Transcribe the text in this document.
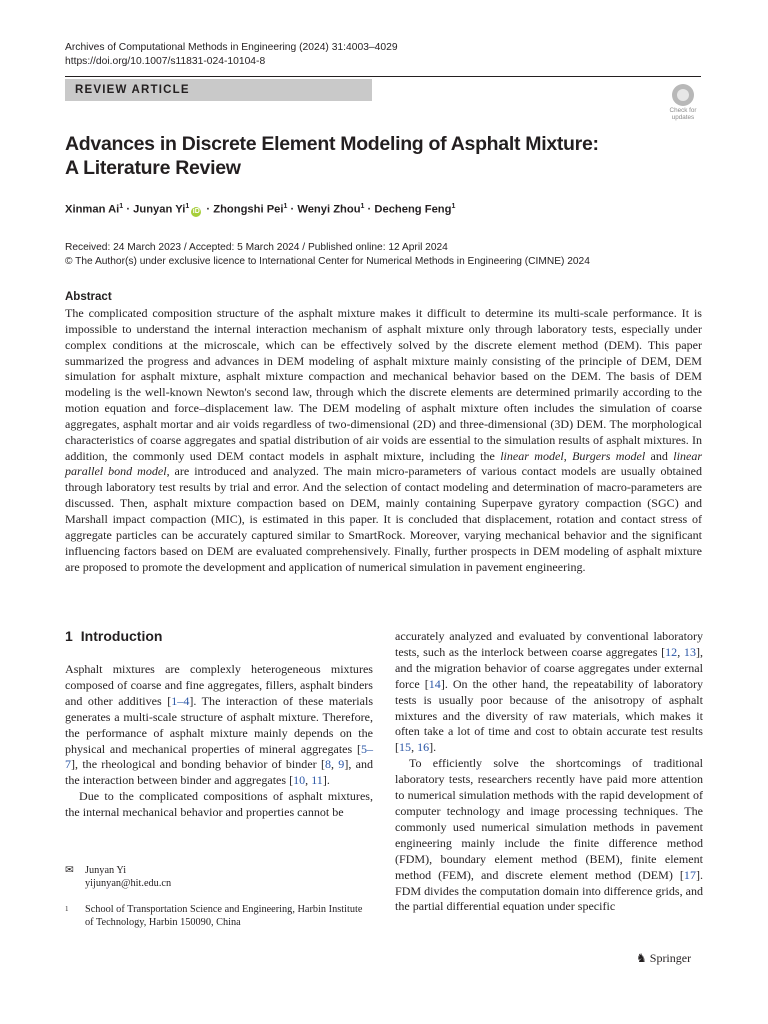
Archives of Computational Methods in Engineering (2024) 31:4003–4029
https://doi.org/10.1007/s11831-024-10104-8
REVIEW ARTICLE
Check for
updates
Advances in Discrete Element Modeling of Asphalt Mixture:
A Literature Review
Xinman $Ai^1$ · Junyan $Yi^1iD$ · Zhongshi Pei$^1$ · Wenyi Zhou$^1$ · Decheng Feng$^1$
Received: 24 March 2023 / Accepted: 5 March 2024 / Published online: 12 April 2024
© The Author(s) under exclusive licence to International Center for Numerical Methods in Engineering (CIMNE) 2024
Abstract
The complicated composition structure of the asphalt mixture makes it difficult to determine its multi-scale performance. It is impossible to understand the internal interaction mechanism of asphalt mixture only through laboratory tests, especially under complex conditions at the microscale, which can be effectively solved by the discrete element method (DEM). This paper summarized the progress and advances in DEM modeling of asphalt mixture mainly consisting of the principle of DEM, DEM simulation for asphalt mixture, asphalt mixture compaction and mechanical behavior based on the DEM. The basis of DEM modeling is the well-known Newton's second law, through which the discrete elements are determined primarily according to the motion equation and force–displacement law. The DEM modeling of asphalt mixture often includes the simulation of coarse aggregates, asphalt mortar and air voids regardless of two-dimensional (2D) and three-dimensional (3D) DEM. The morphological characteristics of coarse aggregates and spatial distribution of air voids are essential to the simulation results of asphalt mixtures. In addition, the commonly used DEM contact models in asphalt mixture, including the linear model, Burgers model and linear parallel bond model, are introduced and analyzed. The main micro-parameters of various contact models are usually obtained through laboratory test results by trial and error. And the selection of contact modeling and determination of macro-parameters are discussed. Then, asphalt mixture compaction based on DEM, mainly containing Superpave gyratory compaction (SGC) and Marshall impact compaction (MIC), is estimated in this paper. It is concluded that displacement, rotation and contact stress of aggregate particles can be accurately captured similar to SmartRock. Moreover, varying mechanical behavior and the significant influencing factors based on DEM are evaluated comprehensively. Finally, further prospects in DEM modeling of asphalt mixture are proposed to promote the development and application of numerical simulation in pavement engineering.
1 Introduction

Asphalt mixtures are complexly heterogeneous mixtures composed of coarse and fine aggregates, fillers, asphalt binders and other additives [1–4]. The interaction of these materials generates a multi-scale structure of asphalt mixture. Therefore, the performance of asphalt mixture mainly depends on the physical and mechanical properties of mineral aggregates [5–7], the rheological and bonding behavior of binder [8, 9], and the interaction between binder and aggregates [10, 11].

Due to the complicated compositions of asphalt mixtures, the internal mechanical behavior and properties cannot be

accurately analyzed and evaluated by conventional laboratory tests, such as the interlock between coarse aggregates [12, 13], and the migration behavior of coarse aggregates under external force [14]. On the other hand, the repeatability of laboratory tests is usually poor because of the anisotropy of asphalt mixtures and the diversity of raw materials, which makes it often take a lot of time and cost to obtain accurate test results [15, 16].

To efficiently solve the shortcomings of traditional laboratory tests, researchers recently have paid more attention to numerical simulation methods with the rapid development of computer technology and image processing techniques. The commonly used numerical simulation methods in pavement engineering mainly include the finite difference method (FDM), boundary element method (BEM), finite element method (FEM), and discrete element method (DEM) [17]. FDM divides the computation domain into difference grids, and the partial differential equation under specific

✉ Junyan Yi
yijunyan@hit.edu.cn
1 School of Transportation Science and Engineering, Harbin Institute of Technology, Harbin 150090, China
♞ Springer
